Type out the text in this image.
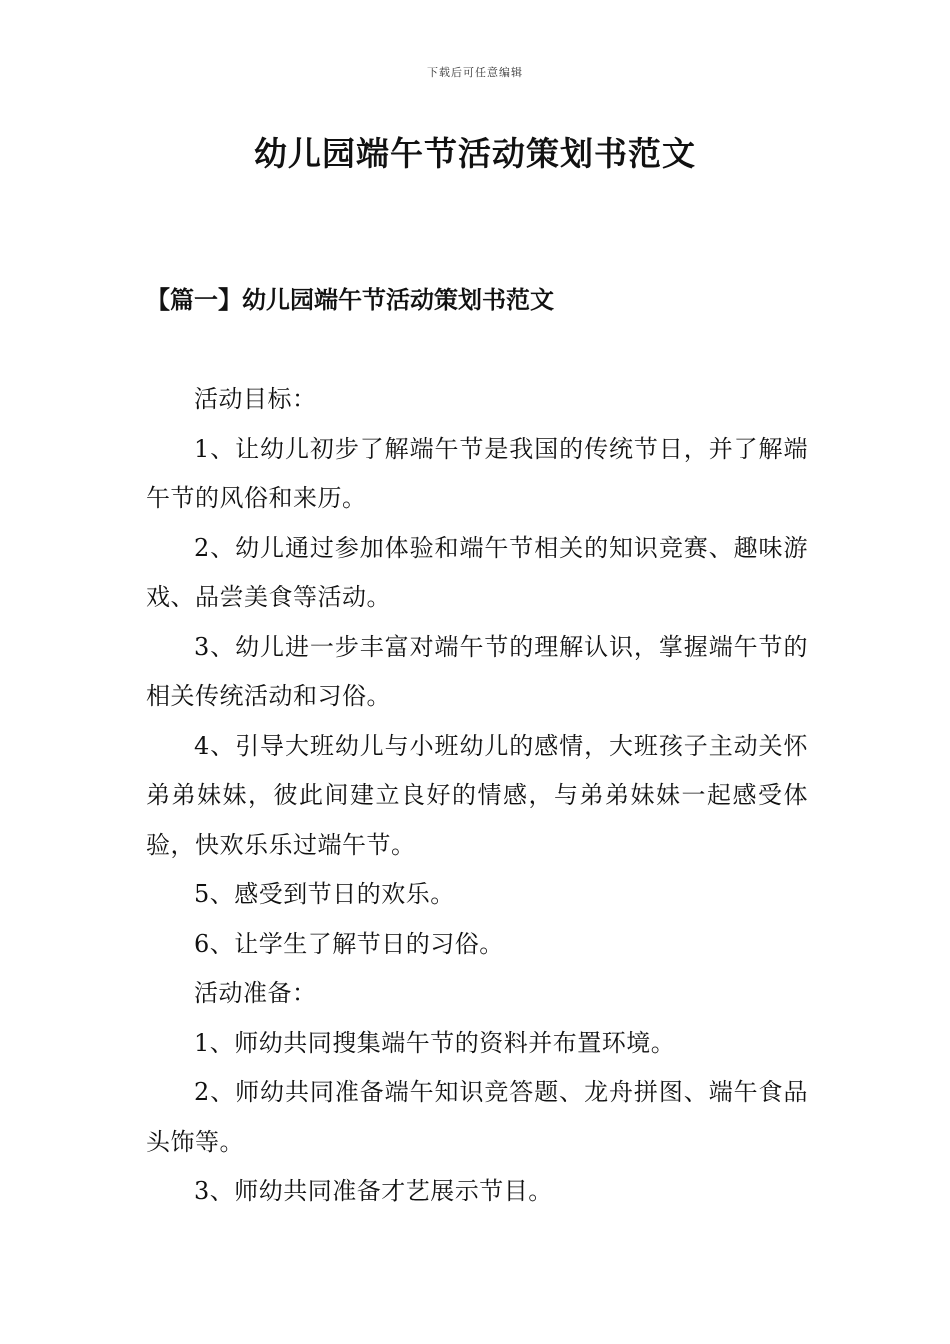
下载后可任意编辑
幼儿园端午节活动策划书范文
【篇一】幼儿园端午节活动策划书范文

活动目标：

1、让幼儿初步了解端午节是我国的传统节日，并了解端午节的风俗和来历。

2、幼儿通过参加体验和端午节相关的知识竞赛、趣味游戏、品尝美食等活动。

3、幼儿进一步丰富对端午节的理解认识，掌握端午节的相关传统活动和习俗。

4、引导大班幼儿与小班幼儿的感情，大班孩子主动关怀弟弟妹妹，彼此间建立良好的情感，与弟弟妹妹一起感受体验，快欢乐乐过端午节。

5、感受到节日的欢乐。

6、让学生了解节日的习俗。

活动准备：

1、师幼共同搜集端午节的资料并布置环境。

2、师幼共同准备端午知识竞答题、龙舟拼图、端午食品头饰等。

3、师幼共同准备才艺展示节目。
